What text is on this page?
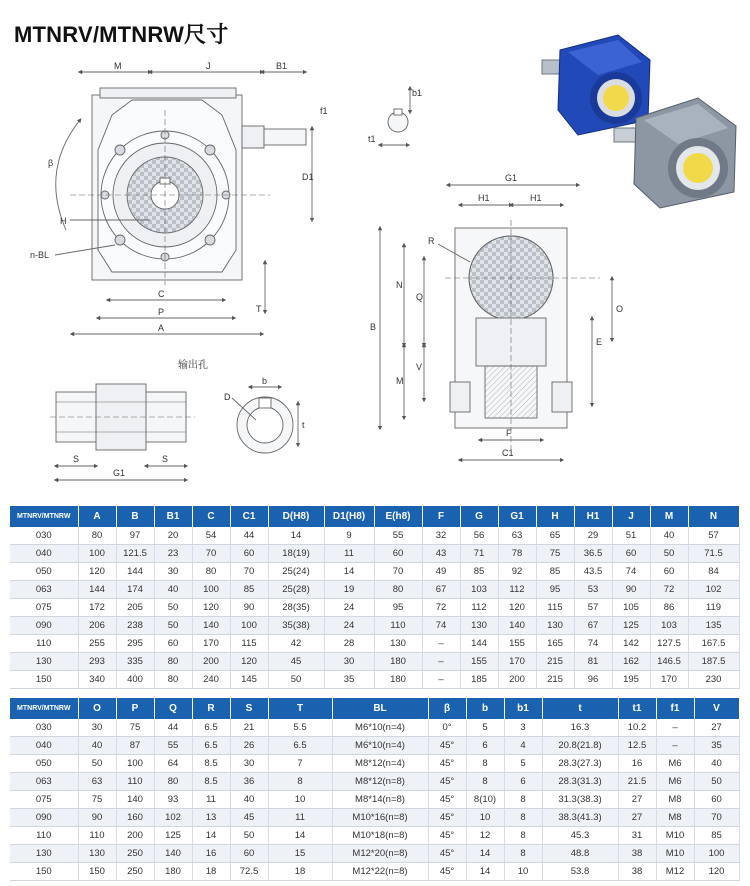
MTNRV/MTNRW尺寸
M	J	B1
f1
β
D1
H
n-BL
C
P
A
T
b1
t1
G1
H1	H1
R
N
Q
O
B
V
M
E
F
C1
输出孔
S
G1
S
b
D
t
MTNRV/MTNRW	A	B	B1	C	C1	D(H8)	D1(H8)	E(h8)	F	G	G1	H	H1	J	M	N
030	80	97	20	54	44	14	9	55	32	56	63	65	29	51	40	57
040	100	121.5	23	70	60	18(19)	11	60	43	71	78	75	36.5	60	50	71.5
050	120	144	30	80	70	25(24)	14	70	49	85	92	85	43.5	74	60	84
063	144	174	40	100	85	25(28)	19	80	67	103	112	95	53	90	72	102
075	172	205	50	120	90	28(35)	24	95	72	112	120	115	57	105	86	119
090	206	238	50	140	100	35(38)	24	110	74	130	140	130	67	125	103	135
110	255	295	60	170	115	42	28	130	–	144	155	165	74	142	127.5	167.5
130	293	335	80	200	120	45	30	180	–	155	170	215	81	162	146.5	187.5
150	340	400	80	240	145	50	35	180	–	185	200	215	96	195	170	230
MTNRV/MTNRW	O	P	Q	R	S	T	BL	β	b	b1	t	t1	f1	V
030	30	75	44	6.5	21	5.5	M6*10(n=4)	0°	5	3	16.3	10.2	–	27
040	40	87	55	6.5	26	6.5	M6*10(n=4)	45°	6	4	20.8(21.8)	12.5	–	35
050	50	100	64	8.5	30	7	M8*12(n=4)	45°	8	5	28.3(27.3)	16	M6	40
063	63	110	80	8.5	36	8	M8*12(n=8)	45°	8	6	28.3(31.3)	21.5	M6	50
075	75	140	93	11	40	10	M8*14(n=8)	45°	8(10)	8	31.3(38.3)	27	M8	60
090	90	160	102	13	45	11	M10*16(n=8)	45°	10	8	38.3(41.3)	27	M8	70
110	110	200	125	14	50	14	M10*18(n=8)	45°	12	8	45.3	31	M10	85
130	130	250	140	16	60	15	M12*20(n=8)	45°	14	8	48.8	38	M10	100
150	150	250	180	18	72.5	18	M12*22(n=8)	45°	14	10	53.8	38	M12	120
